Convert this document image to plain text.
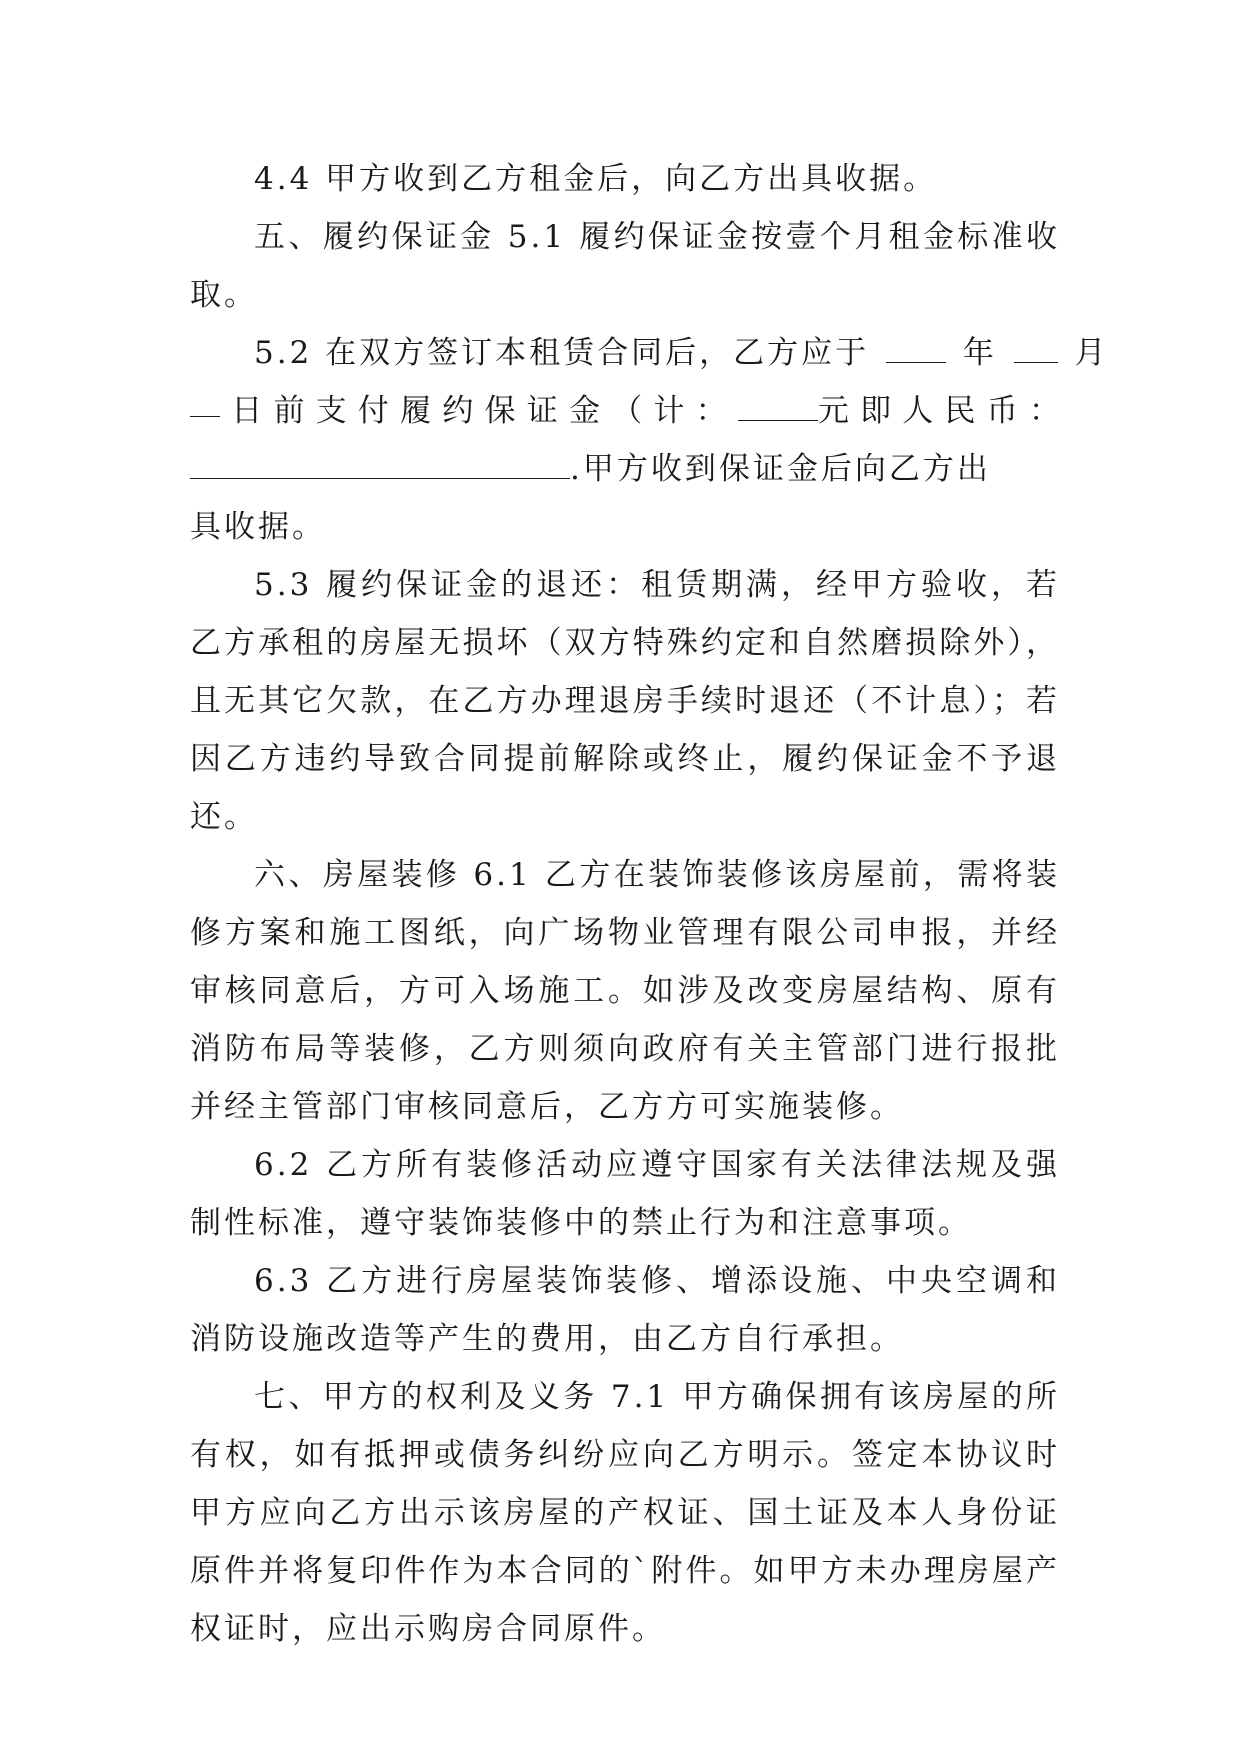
4.4 甲方收到乙方租金后，向乙方出具收据。

五、履约保证金 5.1 履约保证金按壹个月租金标准收取。

5.2 在双方签订本租赁合同后，乙方应于	年	月
日 前 支 付 履 约 保 证 金 （ 计 ：	元 即 人 民 币 ：
.甲方收到保证金后向乙方出
具收据。

5.3 履约保证金的退还：租赁期满，经甲方验收，若乙方承租的房屋无损坏（双方特殊约定和自然磨损除外），且无其它欠款，在乙方办理退房手续时退还（不计息）；若因乙方违约导致合同提前解除或终止，履约保证金不予退还。

六、房屋装修 6.1 乙方在装饰装修该房屋前，需将装修方案和施工图纸，向广场物业管理有限公司申报，并经审核同意后，方可入场施工。如涉及改变房屋结构、原有消防布局等装修，乙方则须向政府有关主管部门进行报批并经主管部门审核同意后，乙方方可实施装修。

6.2 乙方所有装修活动应遵守国家有关法律法规及强制性标准，遵守装饰装修中的禁止行为和注意事项。

6.3 乙方进行房屋装饰装修、增添设施、中央空调和消防设施改造等产生的费用，由乙方自行承担。

七、甲方的权利及义务 7.1 甲方确保拥有该房屋的所有权，如有抵押或债务纠纷应向乙方明示。签定本协议时甲方应向乙方出示该房屋的产权证、国土证及本人身份证原件并将复印件作为本合同的`附件。如甲方未办理房屋产权证时，应出示购房合同原件。
